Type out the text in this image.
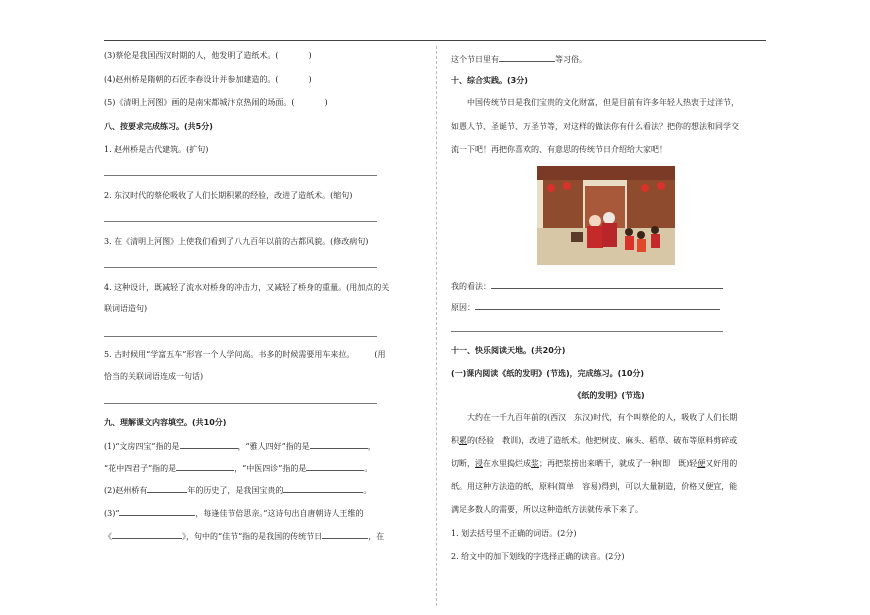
(3)蔡伦是我国西汉时期的人，他发明了造纸术。(	)
(4)赵州桥是隋朝的石匠李春设计并参加建造的。(	)
(5)《清明上河图》画的是南宋都城汴京热闹的场面。(	)
八、按要求完成练习。(共5分)
1. 赵州桥是古代建筑。(扩句)
2. 东汉时代的蔡伦吸收了人们长期积累的经验，改进了造纸术。(缩句)
3. 在《清明上河图》上使我们看到了八九百年以前的古都风貌。(修改病句)
4. 这种设计，既减轻了流水对桥身的冲击力，又减轻了桥身的重量。(用加点的关
联词语造句)
5. 古时候用“学富五车”形容一个人学问高。书多的时候需要用车来拉。	(用
恰当的关联词语连成一句话)
九、理解课文内容填空。(共10分)
(1)“文房四宝”指的是	，“雅人四好”指的是	，
“花中四君子”指的是	，“中医四诊”指的是	。
(2)赵州桥有	年的历史了，是我国宝贵的	。
(3)“	，每逢佳节倍思亲。”这诗句出自唐朝诗人王维的
《	》，句中的“佳节”指的是我国的传统节日	，在
这个节日里有	等习俗。
十、综合实践。(3分)
中国传统节日是我们宝贵的文化财富，但是目前有许多年轻人热衷于过洋节，
如愚人节、圣诞节、万圣节等，对这样的做法你有什么看法？把你的想法和同学交
流一下吧！再把你喜欢的、有意思的传统节日介绍给大家吧！
我的看法：
原因：
十一、快乐阅读天地。(共20分)
(一)课内阅读《纸的发明》(节选)，完成练习。(10分)
《纸的发明》(节选)
大约在一千九百年前的(西汉　东汉)时代，有个叫蔡伦的人，吸收了人们长期
积累的(经验　教训)，改进了造纸术。他把树皮、麻头、稻草、破布等原料剪碎或
切断，浸在水里捣烂成浆；再把浆捞出来晒干，就成了一种(即　既)轻便又好用的
纸。用这种方法造的纸，原料(简单　容易)得到，可以大量制造，价格又便宜，能
满足多数人的需要，所以这种造纸方法就传承下来了。
1. 划去括号里不正确的词语。(2分)
2. 给文中的加下划线的字选择正确的读音。(2分)
